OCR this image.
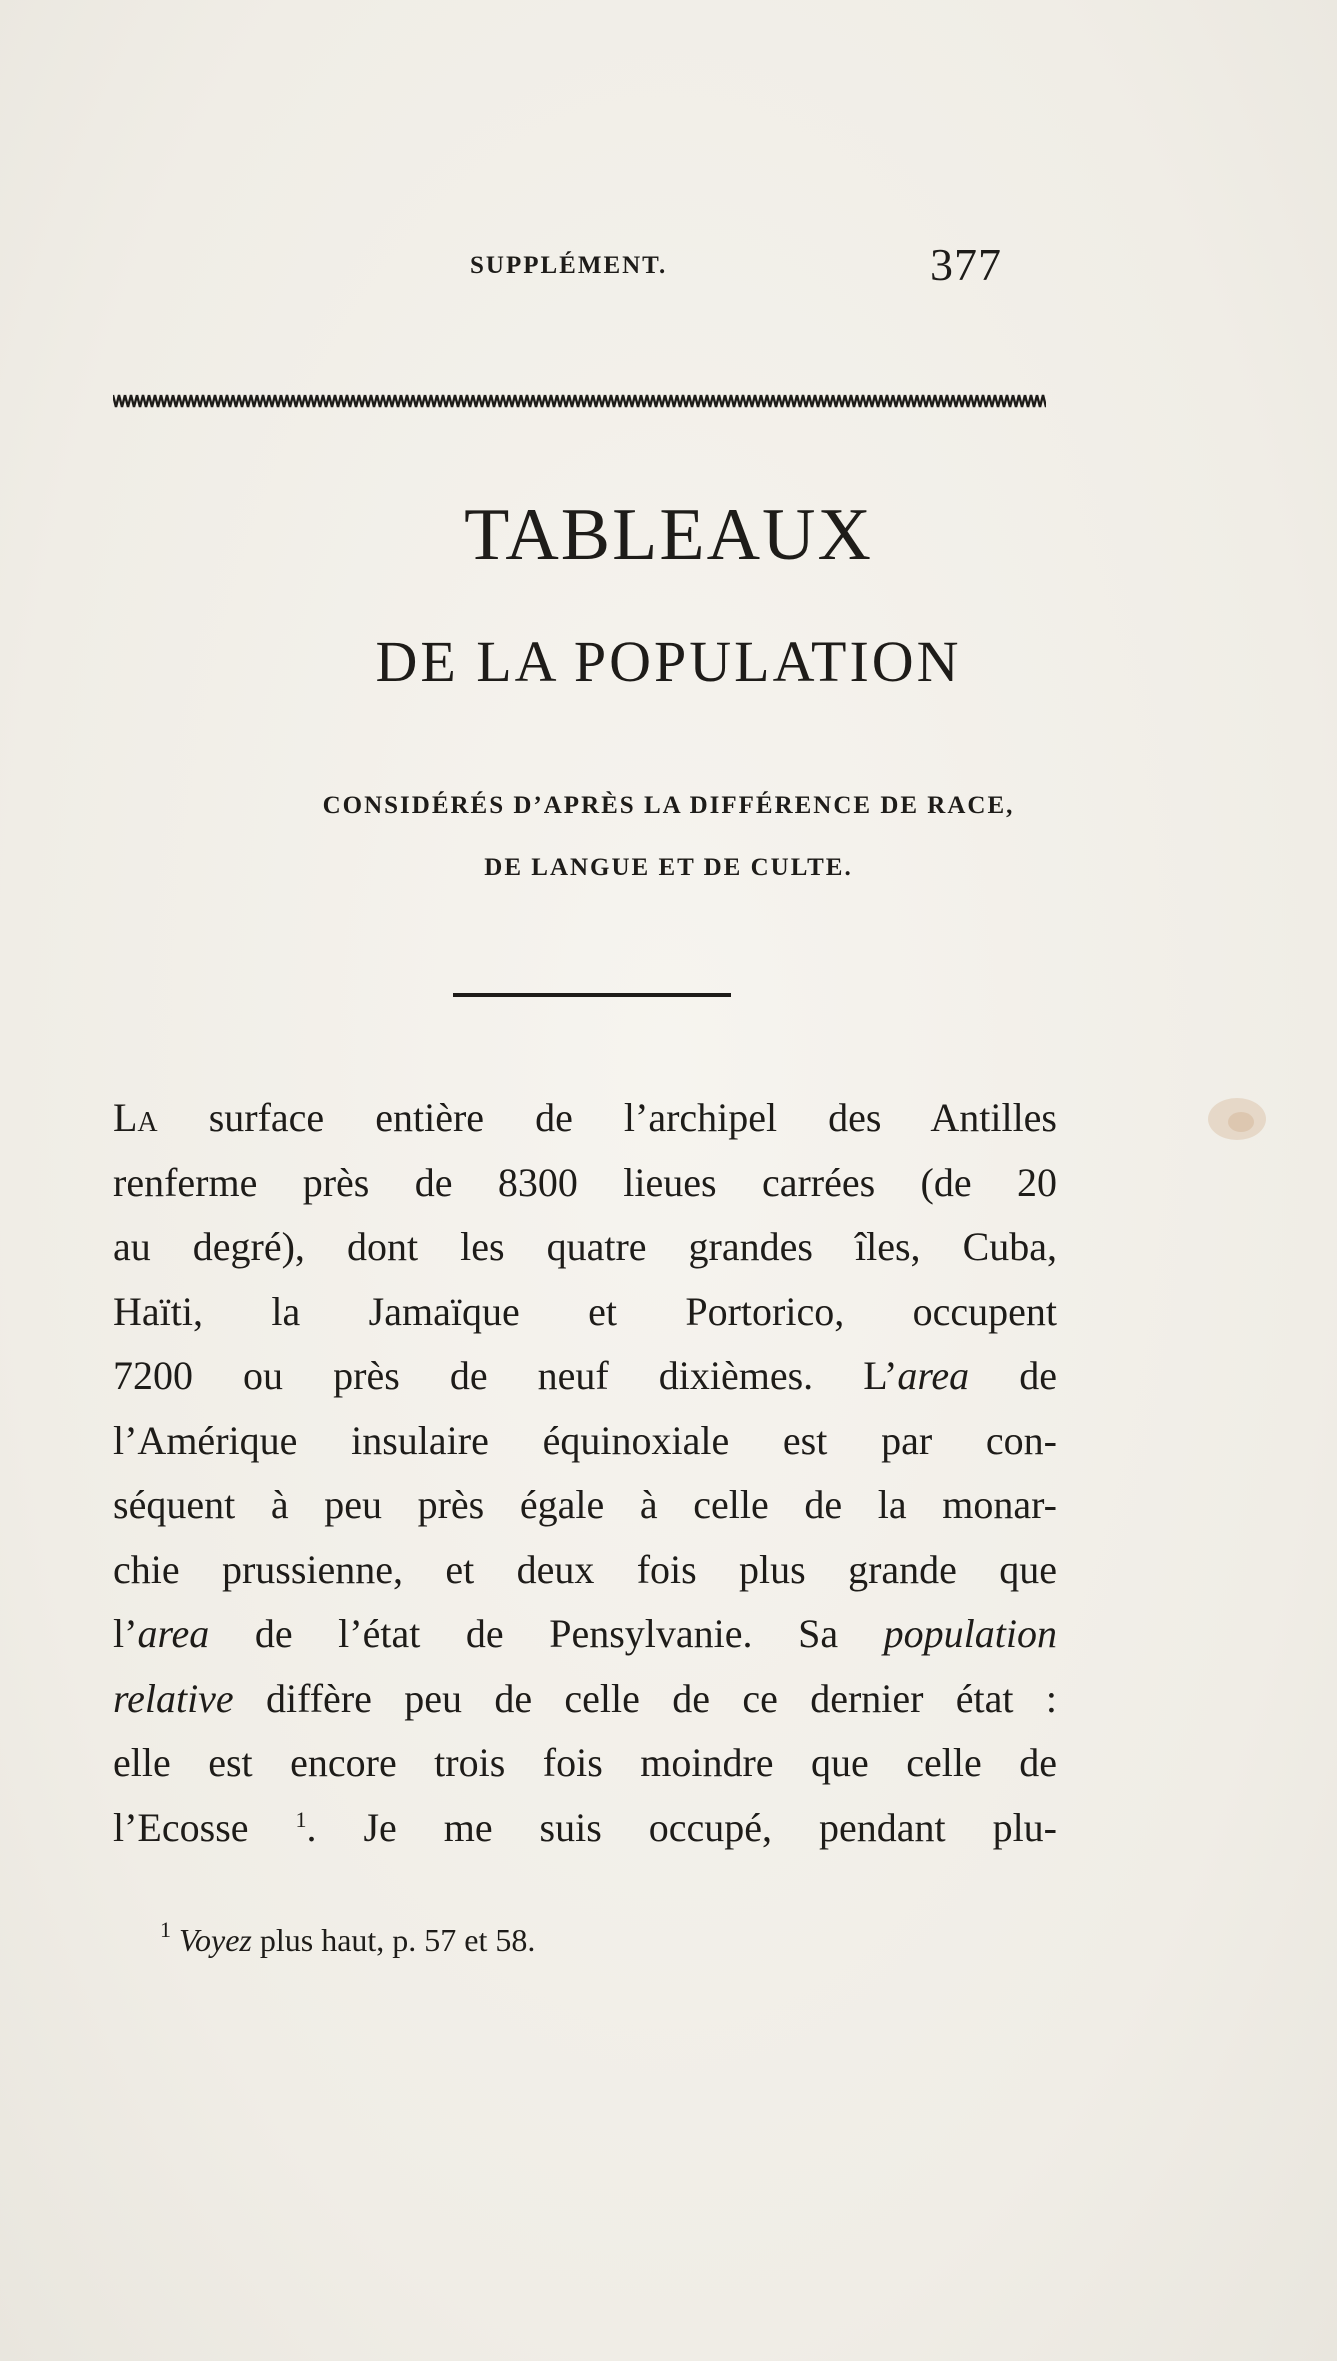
SUPPLÉMENT.	377
TABLEAUX
DE LA POPULATION
CONSIDÉRÉS D’APRÈS LA DIFFÉRENCE DE RACE,
DE LANGUE ET DE CULTE.
La surface entière de l’archipel des Antilles
renferme près de 8300 lieues carrées (de 20
au degré), dont les quatre grandes îles, Cuba,
Haïti, la Jamaïque et Portorico, occupent
7200 ou près de neuf dixièmes. L’area de
l’Amérique insulaire équinoxiale est par con-
séquent à peu près égale à celle de la monar-
chie prussienne, et deux fois plus grande que
l’area de l’état de Pensylvanie. Sa population
relative diffère peu de celle de ce dernier état :
elle est encore trois fois moindre que celle de
l’Ecosse $^1$. Je me suis occupé, pendant plu-
$^1$ Voyez plus haut, p. 57 et 58.
